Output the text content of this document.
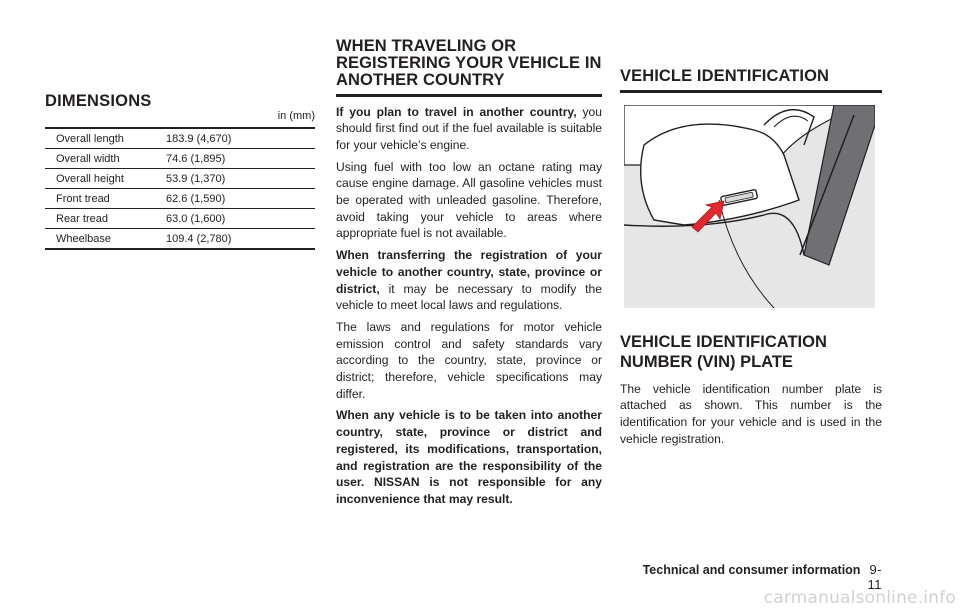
DIMENSIONS
in (mm)
Overall length	183.9 (4,670)
Overall width	74.6 (1,895)
Overall height	53.9 (1,370)
Front tread	62.6 (1,590)
Rear tread	63.0 (1,600)
Wheelbase	109.4 (2,780)
WHEN TRAVELING OR
REGISTERING YOUR VEHICLE IN
ANOTHER COUNTRY

If you plan to travel in another country, you should first find out if the fuel available is suitable for your vehicle’s engine.

Using fuel with too low an octane rating may cause engine damage. All gasoline vehicles must be operated with unleaded gasoline. Therefore, avoid taking your vehicle to areas where appropriate fuel is not available.

When transferring the registration of your vehicle to another country, state, province or district, it may be necessary to modify the vehicle to meet local laws and regulations.

The laws and regulations for motor vehicle emission control and safety standards vary according to the country, state, province or district; therefore, vehicle specifications may differ.

When any vehicle is to be taken into another country, state, province or district and registered, its modifications, transportation, and registration are the responsibility of the user. NISSAN is not responsible for any inconvenience that may result.

VEHICLE IDENTIFICATION
VEHICLE IDENTIFICATION NUMBER (VIN) PLATE

The vehicle identification number plate is attached as shown. This number is the identification for your vehicle and is used in the vehicle registration.

Technical and consumer information 9-11
carmanualsonline.info
